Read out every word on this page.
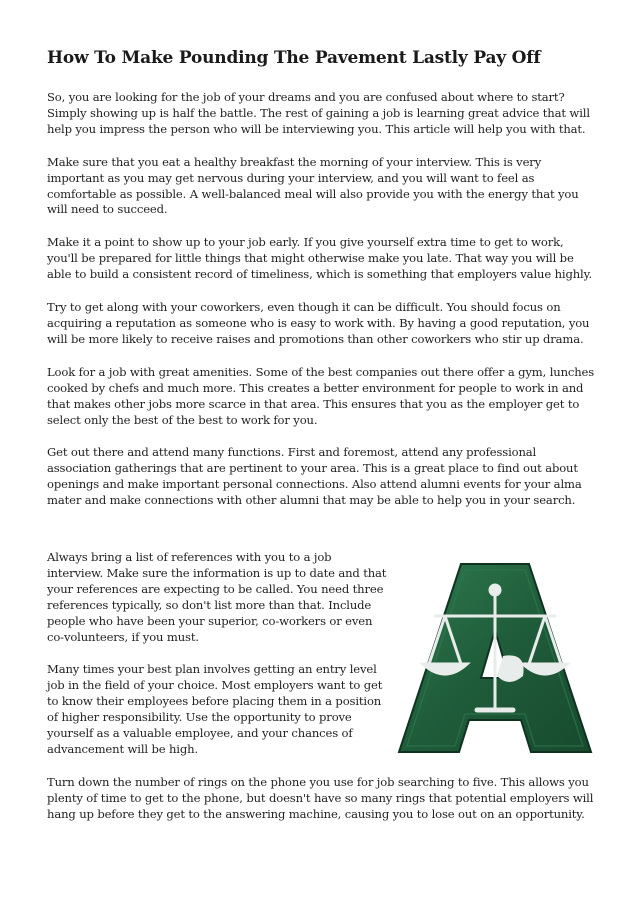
How To Make Pounding The Pavement Lastly Pay Off

So, you are looking for the job of your dreams and you are confused about where to start? Simply showing up is half the battle. The rest of gaining a job is learning great advice that will help you impress the person who will be interviewing you. This article will help you with that.

Make sure that you eat a healthy breakfast the morning of your interview. This is very important as you may get nervous during your interview, and you will want to feel as comfortable as possible. A well-balanced meal will also provide you with the energy that you will need to succeed.

Make it a point to show up to your job early. If you give yourself extra time to get to work, you'll be prepared for little things that might otherwise make you late. That way you will be able to build a consistent record of timeliness, which is something that employers value highly.

Try to get along with your coworkers, even though it can be difficult. You should focus on acquiring a reputation as someone who is easy to work with. By having a good reputation, you will be more likely to receive raises and promotions than other coworkers who stir up drama.

Look for a job with great amenities. Some of the best companies out there offer a gym, lunches cooked by chefs and much more. This creates a better environment for people to work in and that makes other jobs more scarce in that area. This ensures that you as the employer get to select only the best of the best to work for you.

Get out there and attend many functions. First and foremost, attend any professional association gatherings that are pertinent to your area. This is a great place to find out about openings and make important personal connections. Also attend alumni events for your alma mater and make connections with other alumni that may be able to help you in your search.

Always bring a list of references with you to a job interview. Make sure the information is up to date and that your references are expecting to be called. You need three references typically, so don't list more than that. Include people who have been your superior, co-workers or even co-volunteers, if you must.

Many times your best plan involves getting an entry level job in the field of your choice. Most employers want to get to know their employees before placing them in a position of higher responsibility. Use the opportunity to prove yourself as a valuable employee, and your chances of advancement will be high.

Turn down the number of rings on the phone you use for job searching to five. This allows you plenty of time to get to the phone, but doesn't have so many rings that potential employers will hang up before they get to the answering machine, causing you to lose out on an opportunity.
